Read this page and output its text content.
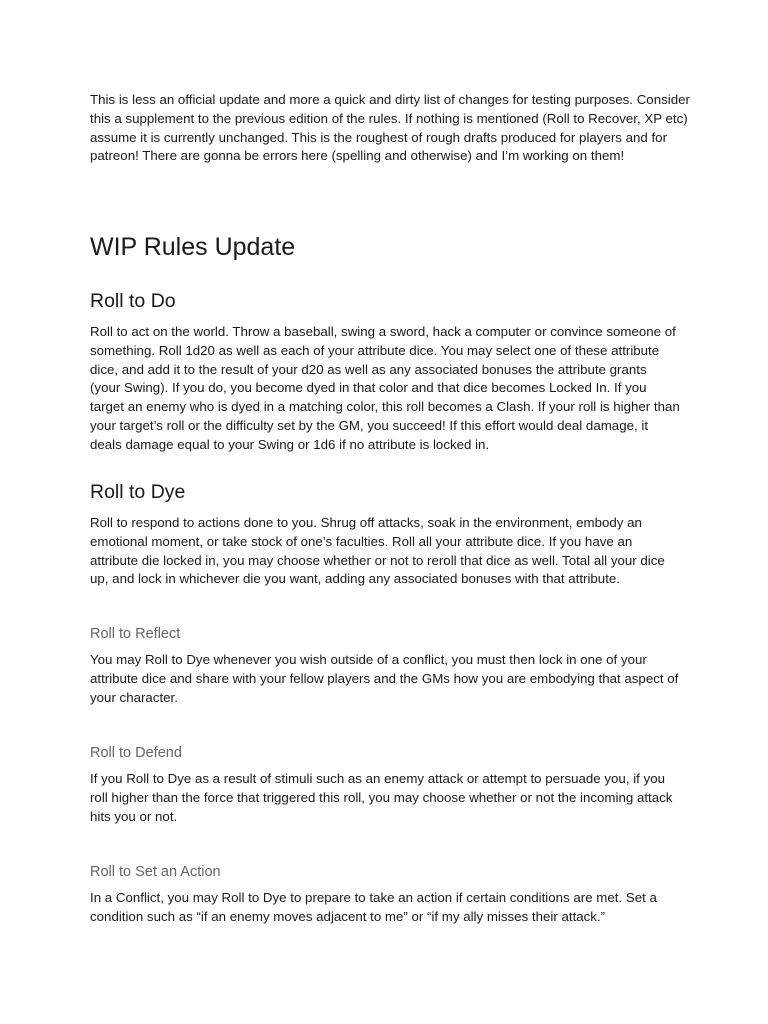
This is less an official update and more a quick and dirty list of changes for testing purposes. Consider this a supplement to the previous edition of the rules. If nothing is mentioned (Roll to Recover, XP etc) assume it is currently unchanged. This is the roughest of rough drafts produced for players and for patreon! There are gonna be errors here (spelling and otherwise) and I’m working on them!

WIP Rules Update
Roll to Do

Roll to act on the world. Throw a baseball, swing a sword, hack a computer or convince someone of something. Roll 1d20 as well as each of your attribute dice. You may select one of these attribute dice, and add it to the result of your d20 as well as any associated bonuses the attribute grants (your Swing). If you do, you become dyed in that color and that dice becomes Locked In. If you target an enemy who is dyed in a matching color, this roll becomes a Clash. If your roll is higher than your target’s roll or the difficulty set by the GM, you succeed! If this effort would deal damage, it deals damage equal to your Swing or 1d6 if no attribute is locked in.

Roll to Dye

Roll to respond to actions done to you. Shrug off attacks, soak in the environment, embody an emotional moment, or take stock of one’s faculties. Roll all your attribute dice. If you have an attribute die locked in, you may choose whether or not to reroll that dice as well. Total all your dice up, and lock in whichever die you want, adding any associated bonuses with that attribute.

Roll to Reflect

You may Roll to Dye whenever you wish outside of a conflict, you must then lock in one of your attribute dice and share with your fellow players and the GMs how you are embodying that aspect of your character.

Roll to Defend

If you Roll to Dye as a result of stimuli such as an enemy attack or attempt to persuade you, if you roll higher than the force that triggered this roll, you may choose whether or not the incoming attack hits you or not.

Roll to Set an Action

In a Conflict, you may Roll to Dye to prepare to take an action if certain conditions are met. Set a condition such as “if an enemy moves adjacent to me” or “if my ally misses their attack.”
